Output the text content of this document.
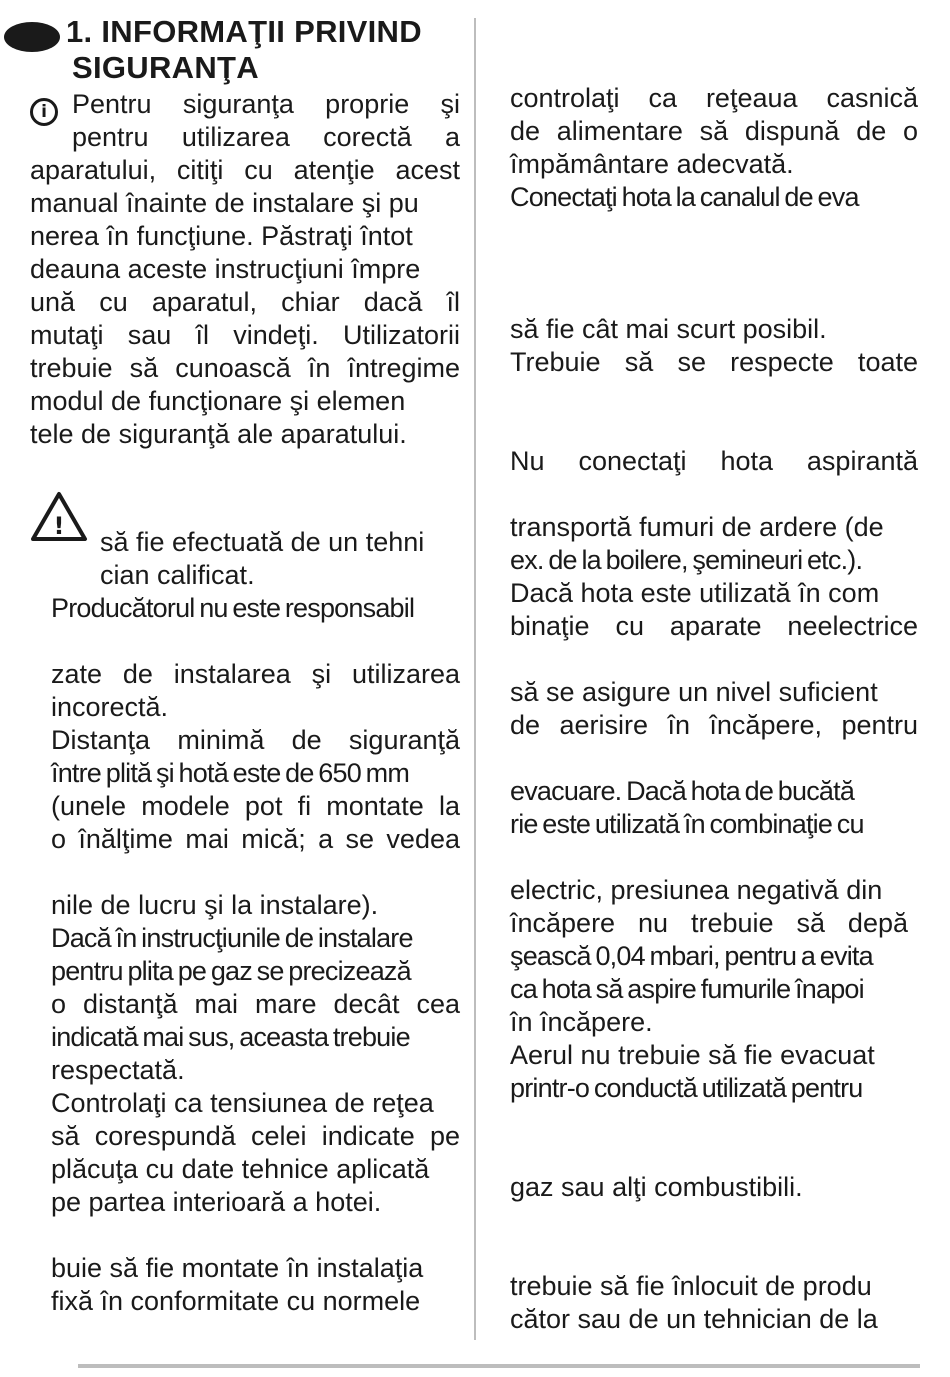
1. INFORMAŢII PRIVIND
SIGURANŢA
i
!

Pentru siguranţa proprie şi

pentru utilizarea corectă a

aparatului, citiţi cu atenţie acest

manual înainte de instalare şi pu

nerea în funcţiune. Păstraţi întot

deauna aceste instrucţiuni împre

ună cu aparatul, chiar dacă îl

mutaţi sau îl vindeţi. Utilizatorii

trebuie să cunoască în întregime

modul de funcţionare şi elemen

tele de siguranţă ale aparatului.

să fie efectuată de un tehni

cian calificat.

Producătorul nu este responsabil

zate de instalarea şi utilizarea

incorectă.

Distanţa minimă de siguranţă

între plită şi hotă este de 650 mm

(unele modele pot fi montate la

o înălţime mai mică; a se vedea

nile de lucru şi la instalare).

Dacă în instrucţiunile de instalare

pentru plita pe gaz se precizează

o distanţă mai mare decât cea

indicată mai sus, aceasta trebuie

respectată.

Controlaţi ca tensiunea de reţea

să corespundă celei indicate pe

plăcuţa cu date tehnice aplicată

pe partea interioară a hotei.

buie să fie montate în instalaţia

fixă în conformitate cu normele

controlaţi ca reţeaua casnică

de alimentare să dispună de o

împământare adecvată.

Conectaţi hota la canalul de eva

să fie cât mai scurt posibil.

Trebuie să se respecte toate

Nu conectaţi hota aspirantă

transportă fumuri de ardere (de

ex. de la boilere, şemineuri etc.).

Dacă hota este utilizată în com

binaţie cu aparate neelectrice

să se asigure un nivel suficient

de aerisire în încăpere, pentru

evacuare. Dacă hota de bucătă

rie este utilizată în combinaţie cu

electric, presiunea negativă din

încăpere nu trebuie să depă

şească 0,04 mbari, pentru a evita

ca hota să aspire fumurile înapoi

în încăpere.

Aerul nu trebuie să fie evacuat

printr-o conductă utilizată pentru

gaz sau alţi combustibili.

trebuie să fie înlocuit de produ

cător sau de un tehnician de la
